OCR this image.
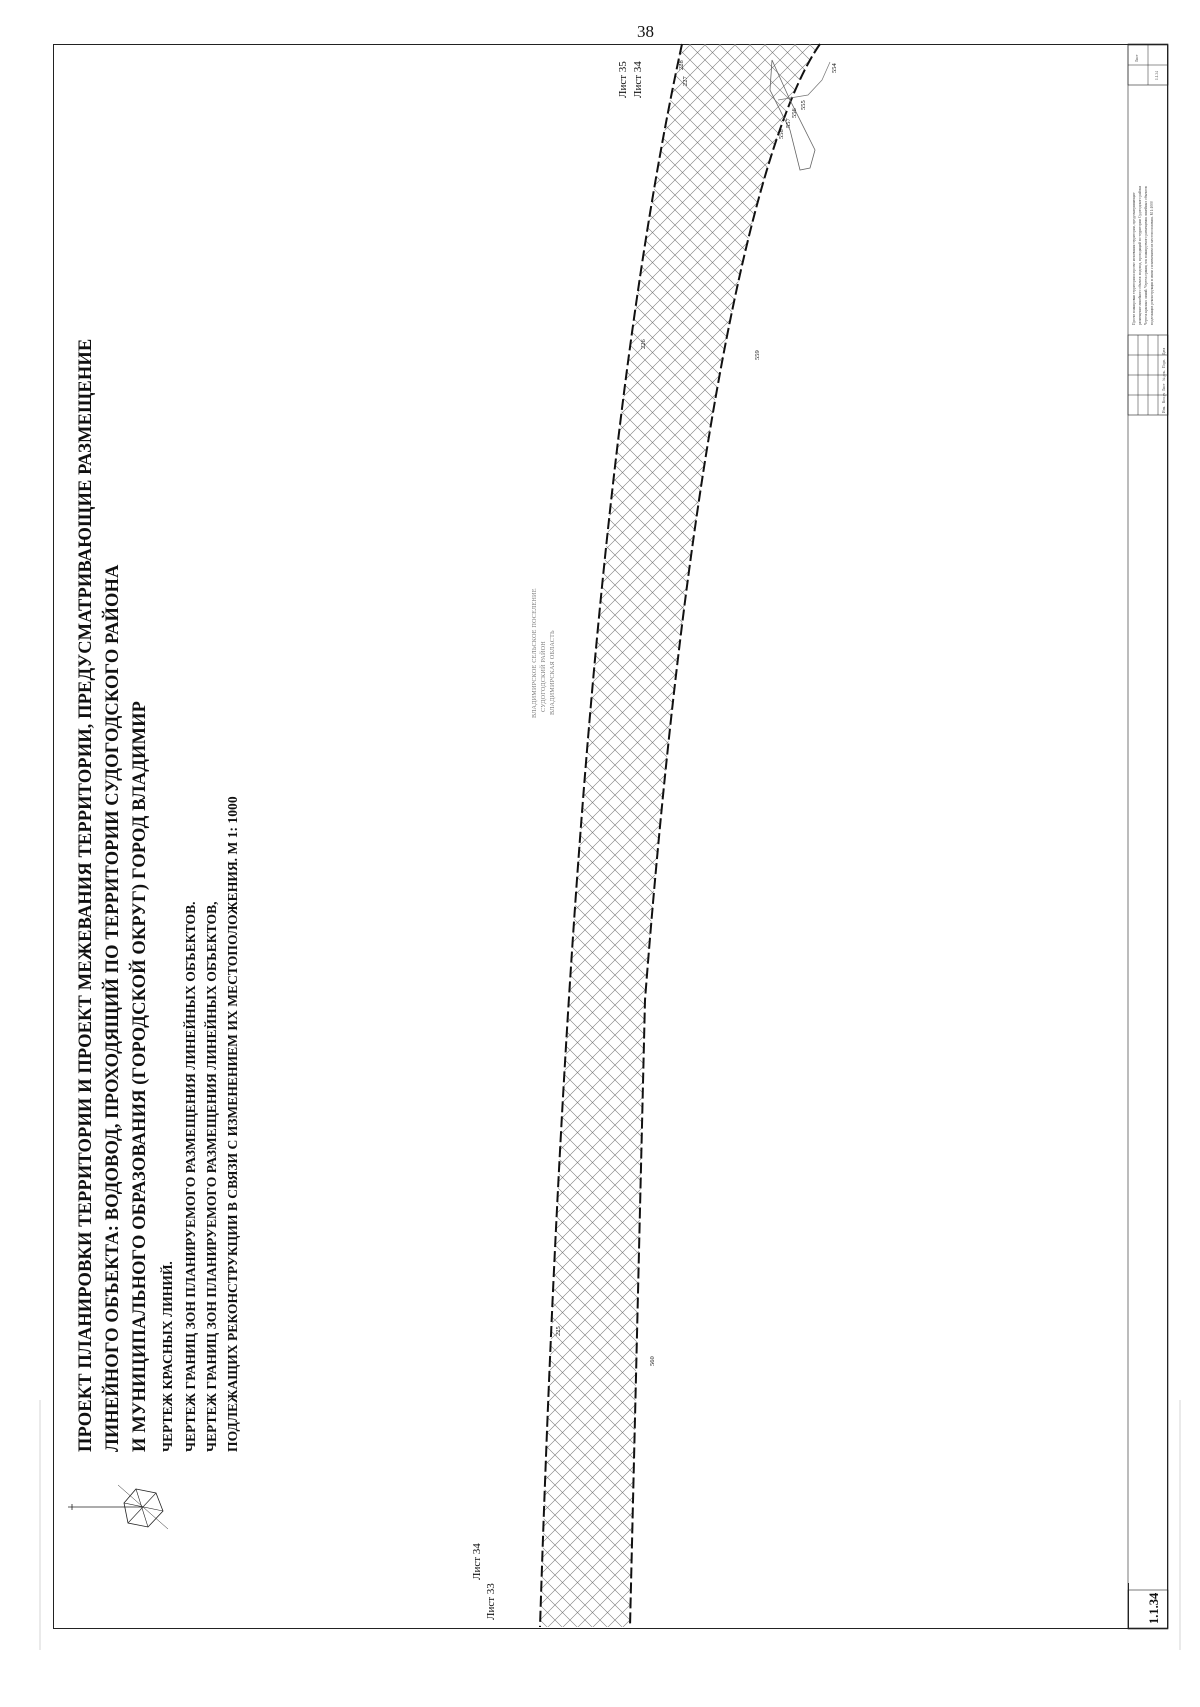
38
ПРОЕКТ ПЛАНИРОВКИ ТЕРРИТОРИИ И ПРОЕКТ МЕЖЕВАНИЯ ТЕРРИТОРИИ, ПРЕДУСМАТРИВАЮЩИЕ РАЗМЕЩЕНИЕ ЛИНЕЙНОГО ОБЪЕКТА: ВОДОВОД, ПРОХОДЯЩИЙ ПО ТЕРРИТОРИИ СУДОГОДСКОГО РАЙОНА И МУНИЦИПАЛЬНОГО ОБРАЗОВАНИЯ (ГОРОДСКОЙ ОКРУГ) ГОРОД ВЛАДИМИР ЧЕРТЕЖ КРАСНЫХ ЛИНИЙ. ЧЕРТЕЖ ГРАНИЦ ЗОН ПЛАНИРУЕМОГО РАЗМЕЩЕНИЯ ЛИНЕЙНЫХ ОБЪЕКТОВ. ЧЕРТЕЖ ГРАНИЦ ЗОН ПЛАНИРУЕМОГО РАЗМЕЩЕНИЯ ЛИНЕЙНЫХ ОБЪЕКТОВ, ПОДЛЕЖАЩИХ РЕКОНСТРУКЦИИ В СВЯЗИ С ИЗМЕНЕНИЕМ ИХ МЕСТОПОЛОЖЕНИЯ. М 1: 1000
Лист 35 Лист 34
Лист 34
Лист 33
226
559
225
560
227
228	554
555
556
557
558
ВЛАДИМИРСКОЕ СЕЛЬСКОЕ ПОСЕЛЕНИЕ СУДОГОДСКИЙ РАЙОН ВЛАДИМИРСКАЯ ОБЛАСТЬ
Проект планировки территории и проект межевания территории, предусматривающие размещение линейного объекта: водовод, проходящий по территории Судогодского района Чертеж красных линий. Чертеж границ зон планируемого размещения линейных объектов подлежащих реконструкции в связи с изменением их местоположения. М 1:1000
Изм.
Кол.уч
Лист
№ док.
Подп.
Дата
Лист
1.1.34
1.1.34
